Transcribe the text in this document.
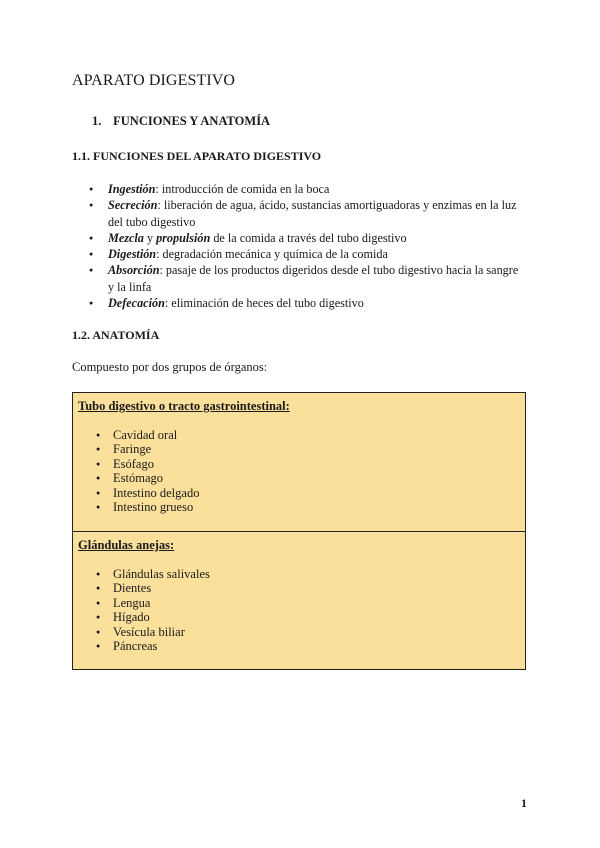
APARATO DIGESTIVO

1. FUNCIONES Y ANATOMÍA

1.1. FUNCIONES DEL APARATO DIGESTIVO

● Ingestión: introducción de comida en la boca
● Secreción: liberación de agua, ácido, sustancias amortiguadoras y enzimas en la luz del tubo digestivo
● Mezcla y propulsión de la comida a través del tubo digestivo
● Digestión: degradación mecánica y química de la comida
● Absorción: pasaje de los productos digeridos desde el tubo digestivo hacia la sangre y la linfa
● Defecación: eliminación de heces del tubo digestivo

1.2. ANATOMÍA

Compuesto por dos grupos de órganos:

Tubo digestivo o tracto gastrointestinal:

● Cavidad oral
● Faringe
● Esófago
● Estómago
● Intestino delgado
● Intestino grueso

Glándulas anejas:

● Glándulas salivales
● Dientes
● Lengua
● Hígado
● Vesícula biliar
● Páncreas
1
